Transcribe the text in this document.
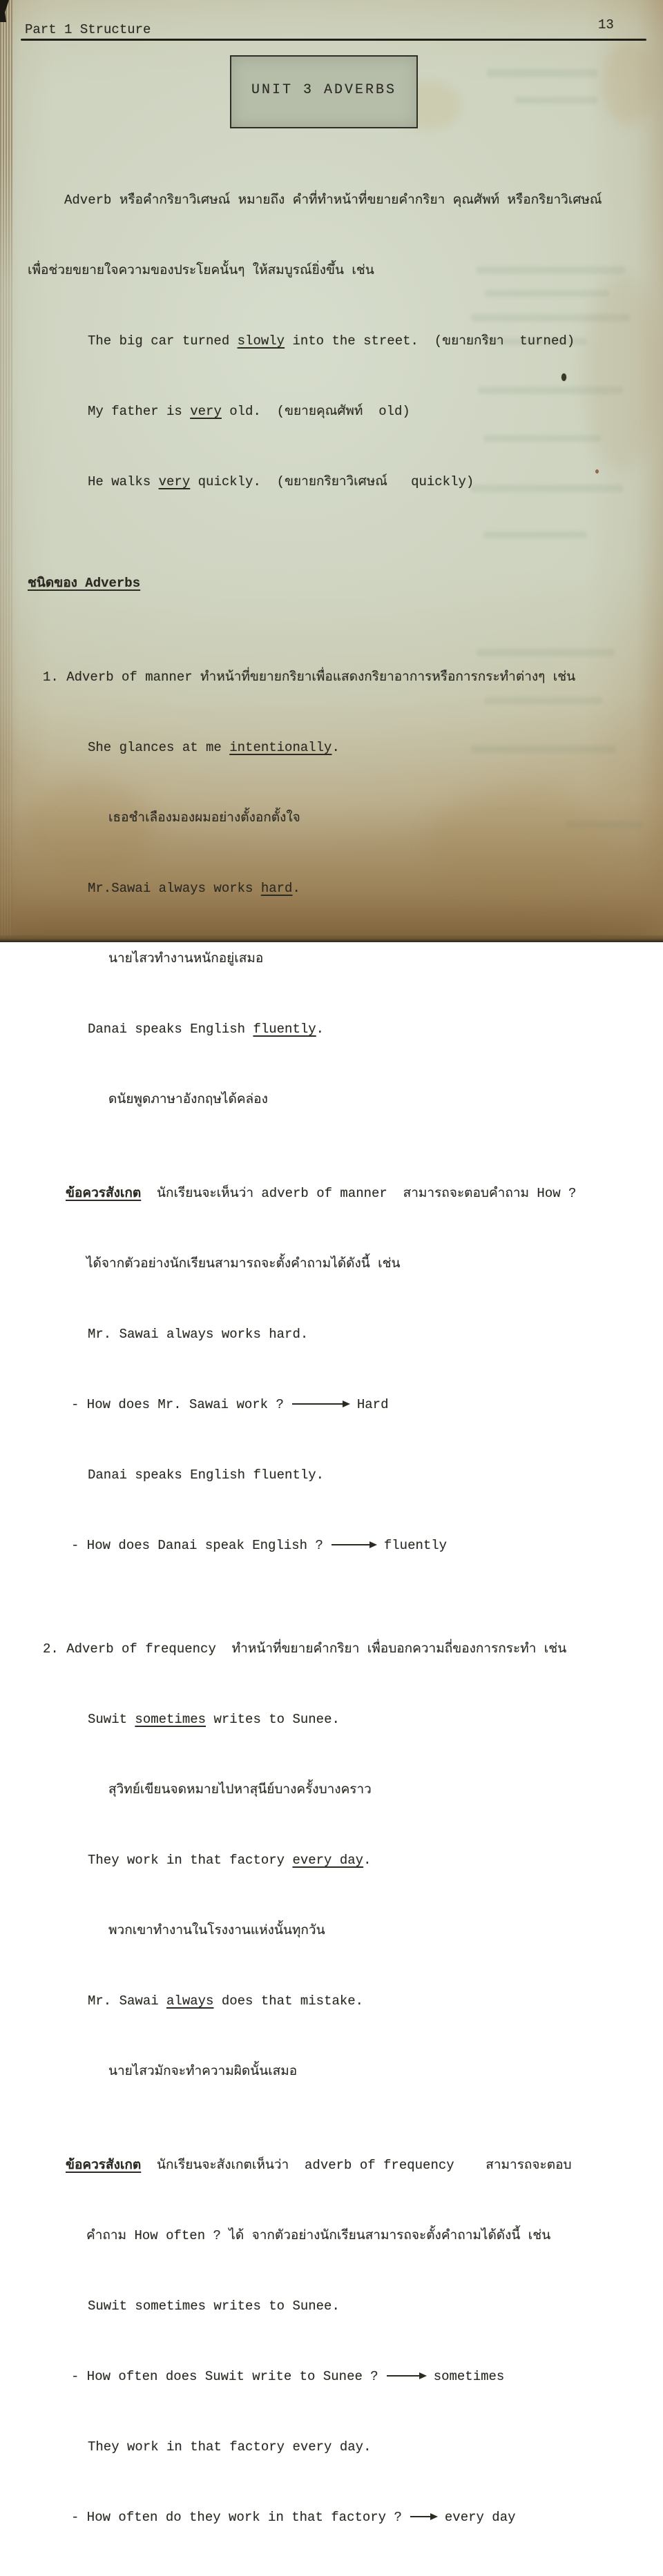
Part 1 Structure	13
UNIT 3 ADVERBS

Adverb หรือคำกริยาวิเศษณ์ หมายถึง คำที่ทำหน้าที่ขยายคำกริยา คุณศัพท์ หรือกริยาวิเศษณ์

เพื่อช่วยขยายใจความของประโยคนั้นๆ ให้สมบูรณ์ยิ่งขึ้น เช่น

The big car turned slowly into the street.  (ขยายกริยา  turned)

My father is very old.  (ขยายคุณศัพท์  old)

He walks very quickly.  (ขยายกริยาวิเศษณ์   quickly)

ชนิดของ Adverbs

1. Adverb of manner ทำหน้าที่ขยายกริยาเพื่อแสดงกริยาอาการหรือการกระทำต่างๆ เช่น

She glances at me intentionally.

เธอชำเลืองมองผมอย่างตั้งอกตั้งใจ

Mr.Sawai always works hard.

นายไสวทำงานหนักอยู่เสมอ

Danai speaks English fluently.

ดนัยพูดภาษาอังกฤษได้คล่อง

ข้อควรสังเกต  นักเรียนจะเห็นว่า adverb of manner  สามารถจะตอบคำถาม How ?

ได้จากตัวอย่างนักเรียนสามารถจะตั้งคำถามได้ดังนี้ เช่น

Mr. Sawai always works hard.

- How does Mr. Sawai work ?	Hard

Danai speaks English fluently.

- How does Danai speak English ?	fluently

2. Adverb of frequency  ทำหน้าที่ขยายคำกริยา เพื่อบอกความถี่ของการกระทำ เช่น

Suwit sometimes writes to Sunee.

สุวิทย์เขียนจดหมายไปหาสุนีย์บางครั้งบางคราว

They work in that factory every day.

พวกเขาทำงานในโรงงานแห่งนั้นทุกวัน

Mr. Sawai always does that mistake.

นายไสวมักจะทำความผิดนั้นเสมอ

ข้อควรสังเกต  นักเรียนจะสังเกตเห็นว่า  adverb of frequency    สามารถจะตอบ

คำถาม How often ? ได้ จากตัวอย่างนักเรียนสามารถจะตั้งคำถามได้ดังนี้ เช่น

Suwit sometimes writes to Sunee.

- How often does Suwit write to Sunee ?	sometimes

They work in that factory every day.

- How often do they work in that factory ?	every day
